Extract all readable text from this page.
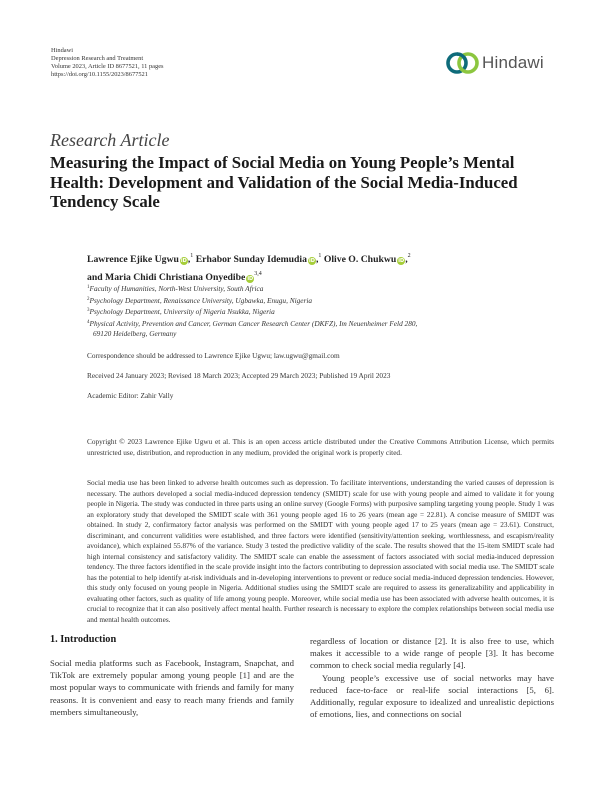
Hindawi
Depression Research and Treatment
Volume 2023, Article ID 8677521, 11 pages
https://doi.org/10.1155/2023/8677521
Hindawi
Research Article
Measuring the Impact of Social Media on Young People’s Mental Health: Development and Validation of the Social Media-Induced Tendency Scale
Lawrence Ejike Ugwu iD,$^1$ Erhabor Sunday Idemudia iD,$^1$ Olive O. Chukwu iD,$^2$
and Maria Chidi Christiana Onyedibe iD$^{3,4}$
$^1$Faculty of Humanities, North-West University, South Africa
$^2$Psychology Department, Renaissance University, Ugbawka, Enugu, Nigeria
$^3$Psychology Department, University of Nigeria Nsukka, Nigeria
$^4$Physical Activity, Prevention and Cancer, German Cancer Research Center (DKFZ), Im Neuenheimer Feld 280,
69120 Heidelberg, Germany
Correspondence should be addressed to Lawrence Ejike Ugwu; law.ugwu@gmail.com
Received 24 January 2023; Revised 18 March 2023; Accepted 29 March 2023; Published 19 April 2023
Academic Editor: Zahir Vally
Copyright © 2023 Lawrence Ejike Ugwu et al. This is an open access article distributed under the Creative Commons Attribution License, which permits unrestricted use, distribution, and reproduction in any medium, provided the original work is properly cited.
Social media use has been linked to adverse health outcomes such as depression. To facilitate interventions, understanding the varied causes of depression is necessary. The authors developed a social media-induced depression tendency (SMIDT) scale for use with young people and aimed to validate it for young people in Nigeria. The study was conducted in three parts using an online survey (Google Forms) with purposive sampling targeting young people. Study 1 was an exploratory study that developed the SMIDT scale with 361 young people aged 16 to 26 years (mean age = 22.81). A concise measure of SMIDT was obtained. In study 2, confirmatory factor analysis was performed on the SMIDT with young people aged 17 to 25 years (mean age = 23.61). Construct, discriminant, and concurrent validities were established, and three factors were identified (sensitivity/attention seeking, worthlessness, and escapism/reality avoidance), which explained 55.87% of the variance. Study 3 tested the predictive validity of the scale. The results showed that the 15-item SMIDT scale had high internal consistency and satisfactory validity. The SMIDT scale can enable the assessment of factors associated with social media-induced depression tendency. The three factors identified in the scale provide insight into the factors contributing to depression associated with social media use. The SMIDT scale has the potential to help identify at-risk individuals and in-developing interventions to prevent or reduce social media-induced depression tendencies. However, this study only focused on young people in Nigeria. Additional studies using the SMIDT scale are required to assess its generalizability and applicability in evaluating other factors, such as quality of life among young people. Moreover, while social media use has been associated with adverse health outcomes, it is crucial to recognize that it can also positively affect mental health. Further research is necessary to explore the complex relationships between social media use and mental health outcomes.
1. Introduction

Social media platforms such as Facebook, Instagram, Snapchat, and TikTok are extremely popular among young people [1] and are the most popular ways to communicate with friends and family for many reasons. It is convenient and easy to reach many friends and family members simultaneously,

regardless of location or distance [2]. It is also free to use, which makes it accessible to a wide range of people [3]. It has become common to check social media regularly [4].

Young people’s excessive use of social networks may have reduced face-to-face or real-life social interactions [5, 6]. Additionally, regular exposure to idealized and unrealistic depictions of emotions, lies, and connections on social
